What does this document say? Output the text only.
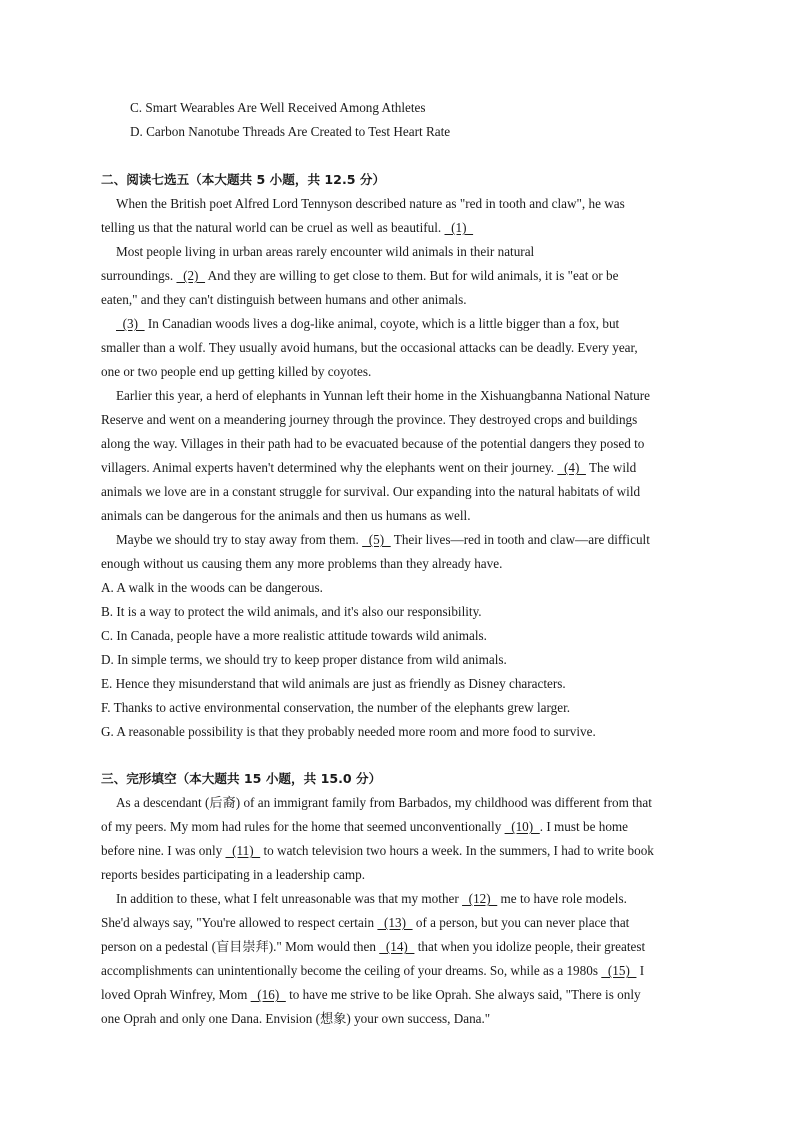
C. Smart Wearables Are Well Received Among Athletes
D. Carbon Nanotube Threads Are Created to Test Heart Rate
二、阅读七选五（本大题共 5 小题，共 12.5 分）
When the British poet Alfred Lord Tennyson described nature as "red in tooth and claw", he was
telling us that the natural world can be cruel as well as beautiful.   (1)
Most people living in urban areas rarely encounter wild animals in their natural
surroundings.   (2)   And they are willing to get close to them. But for wild animals, it is "eat or be
eaten," and they can't distinguish between humans and other animals.
(3)   In Canadian woods lives a dog-like animal, coyote, which is a little bigger than a fox, but
smaller than a wolf. They usually avoid humans, but the occasional attacks can be deadly. Every year,
one or two people end up getting killed by coyotes.
Earlier this year, a herd of elephants in Yunnan left their home in the Xishuangbanna National Nature
Reserve and went on a meandering journey through the province. They destroyed crops and buildings
along the way. Villages in their path had to be evacuated because of the potential dangers they posed to
villagers. Animal experts haven't determined why the elephants went on their journey.   (4)   The wild
animals we love are in a constant struggle for survival. Our expanding into the natural habitats of wild
animals can be dangerous for the animals and then us humans as well.
Maybe we should try to stay away from them.   (5)   Their lives—red in tooth and claw—are difficult
enough without us causing them any more problems than they already have.
A. A walk in the woods can be dangerous.
B. It is a way to protect the wild animals, and it's also our responsibility.
C. In Canada, people have a more realistic attitude towards wild animals.
D. In simple terms, we should try to keep proper distance from wild animals.
E. Hence they misunderstand that wild animals are just as friendly as Disney characters.
F. Thanks to active environmental conservation, the number of the elephants grew larger.
G. A reasonable possibility is that they probably needed more room and more food to survive.
三、完形填空（本大题共 15 小题，共 15.0 分）
As a descendant (后裔) of an immigrant family from Barbados, my childhood was different from that
of my peers. My mom had rules for the home that seemed unconventionally   (10)  . I must be home
before nine. I was only   (11)   to watch television two hours a week. In the summers, I had to write book
reports besides participating in a leadership camp.
In addition to these, what I felt unreasonable was that my mother   (12)   me to have role models.
She'd always say, "You're allowed to respect certain   (13)   of a person, but you can never place that
person on a pedestal (盲目崇拜)." Mom would then   (14)   that when you idolize people, their greatest
accomplishments can unintentionally become the ceiling of your dreams. So, while as a 1980s   (15)   I
loved Oprah Winfrey, Mom   (16)   to have me strive to be like Oprah. She always said, "There is only
one Oprah and only one Dana. Envision (想象) your own success, Dana."
